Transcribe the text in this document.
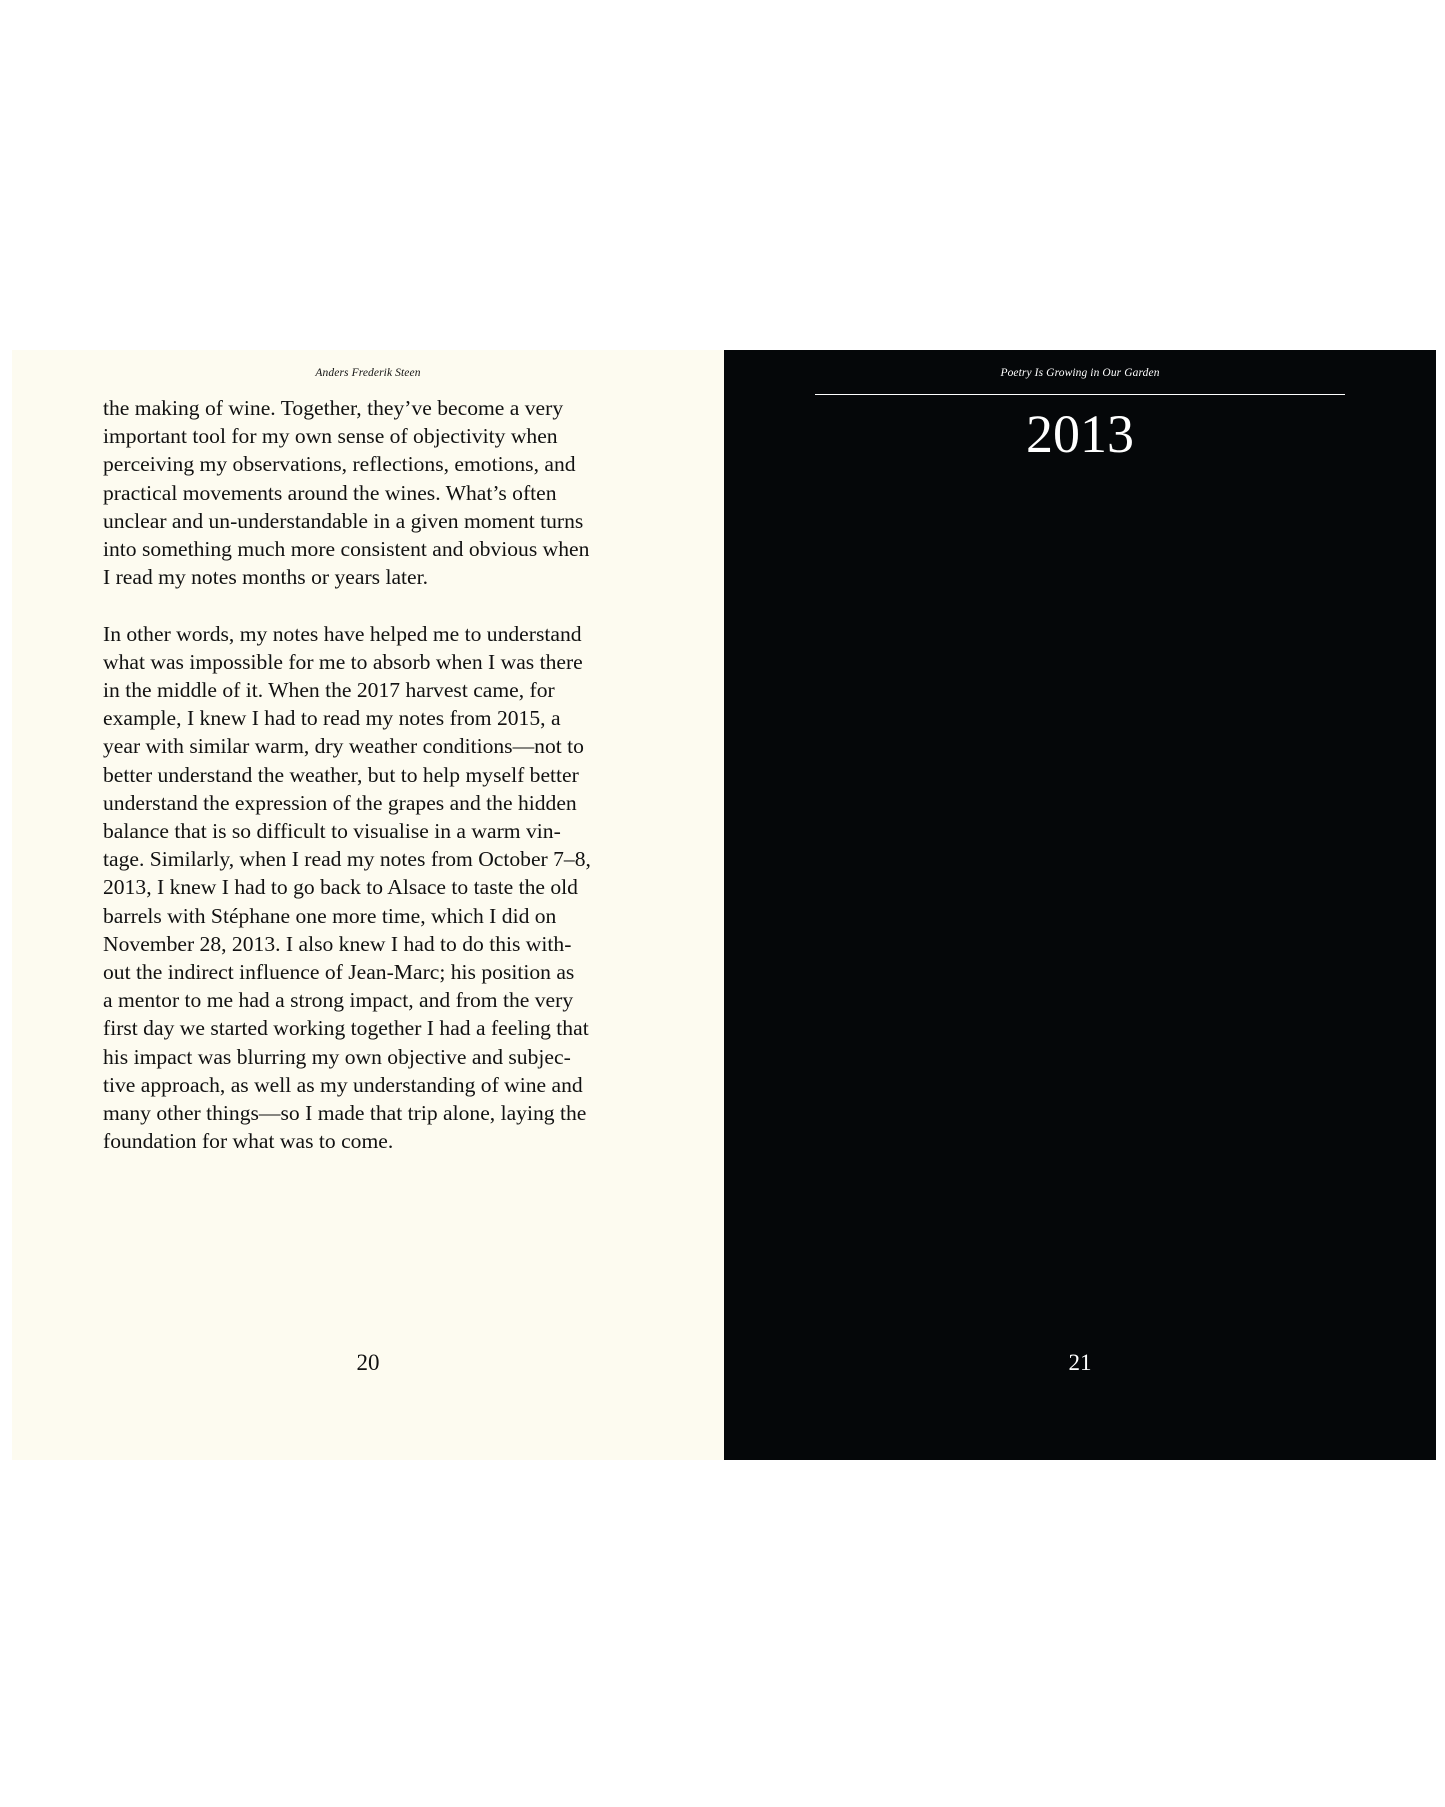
Anders Frederik Steen

the making of wine. Together, they’ve become a very

important tool for my own sense of objectivity when

perceiving my observations, reflections, emotions, and

practical movements around the wines. What’s often

unclear and un-understandable in a given moment turns

into something much more consistent and obvious when

I read my notes months or years later.

In other words, my notes have helped me to understand

what was impossible for me to absorb when I was there

in the middle of it. When the 2017 harvest came, for

example, I knew I had to read my notes from 2015, a

year with similar warm, dry weather conditions—not to

better understand the weather, but to help myself better

understand the expression of the grapes and the hidden

balance that is so difficult to visualise in a warm vin-

tage. Similarly, when I read my notes from October 7–8,

2013, I knew I had to go back to Alsace to taste the old

barrels with Stéphane one more time, which I did on

November 28, 2013. I also knew I had to do this with-

out the indirect influence of Jean-Marc; his position as

a mentor to me had a strong impact, and from the very

first day we started working together I had a feeling that

his impact was blurring my own objective and subjec-

tive approach, as well as my understanding of wine and

many other things—so I made that trip alone, laying the

foundation for what was to come.

20
Poetry Is Growing in Our Garden
2013
21
